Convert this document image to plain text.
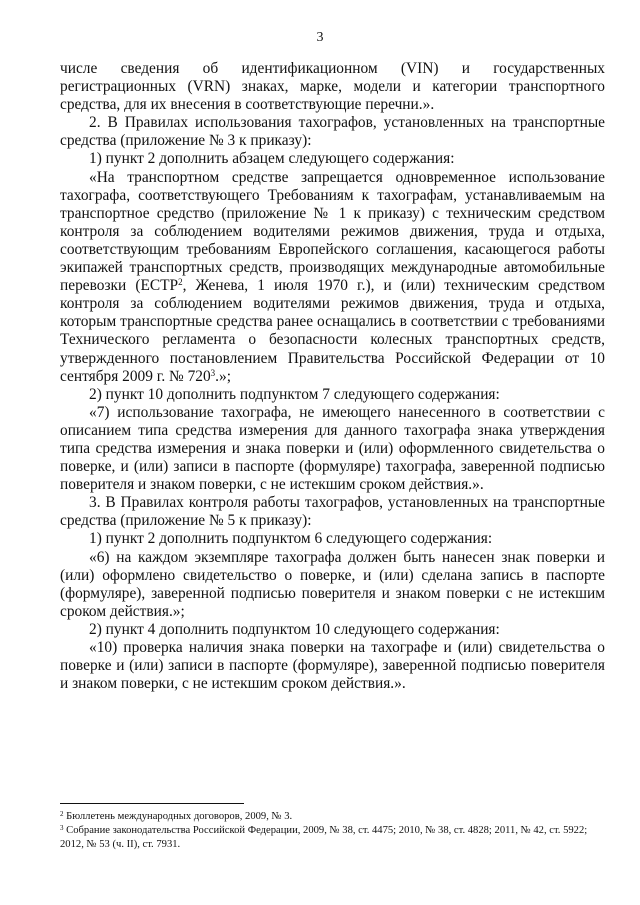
3

числе сведения об идентификационном (VIN) и государственных регистрационных (VRN) знаках, марке, модели и категории транспортного средства, для их внесения в соответствующие перечни.».

2. В Правилах использования тахографов, установленных на транспортные средства (приложение № 3 к приказу):

1) пункт 2 дополнить абзацем следующего содержания:

«На транспортном средстве запрещается одновременное использование тахографа, соответствующего Требованиям к тахографам, устанавливаемым на транспортное средство (приложение № 1 к приказу) с техническим средством контроля за соблюдением водителями режимов движения, труда и отдыха, соответствующим требованиям Европейского соглашения, касающегося работы экипажей транспортных средств, производящих международные автомобильные перевозки (ЕСТР$^2$, Женева, 1 июля 1970 г.), и (или) техническим средством контроля за соблюдением водителями режимов движения, труда и отдыха, которым транспортные средства ранее оснащались в соответствии с требованиями Технического регламента о безопасности колесных транспортных средств, утвержденного постановлением Правительства Российской Федерации от 10 сентября 2009 г. № $720^3$.»;

2) пункт 10 дополнить подпунктом 7 следующего содержания:

«7) использование тахографа, не имеющего нанесенного в соответствии с описанием типа средства измерения для данного тахографа знака утверждения типа средства измерения и знака поверки и (или) оформленного свидетельства о поверке, и (или) записи в паспорте (формуляре) тахографа, заверенной подписью поверителя и знаком поверки, с не истекшим сроком действия.».

3. В Правилах контроля работы тахографов, установленных на транспортные средства (приложение № 5 к приказу):

1) пункт 2 дополнить подпунктом 6 следующего содержания:

«6) на каждом экземпляре тахографа должен быть нанесен знак поверки и (или) оформлено свидетельство о поверке, и (или) сделана запись в паспорте (формуляре), заверенной подписью поверителя и знаком поверки с не истекшим сроком действия.»;

2) пункт 4 дополнить подпунктом 10 следующего содержания:

«10) проверка наличия знака поверки на тахографе и (или) свидетельства о поверке и (или) записи в паспорте (формуляре), заверенной подписью поверителя и знаком поверки, с не истекшим сроком действия.».

$^2$ Бюллетень международных договоров, 2009, № 3.

$^3$ Собрание законодательства Российской Федерации, 2009, № 38, ст. 4475; 2010, № 38, ст. 4828; 2011, № 42, ст. 5922; 2012, № 53 (ч. II), ст. 7931.
